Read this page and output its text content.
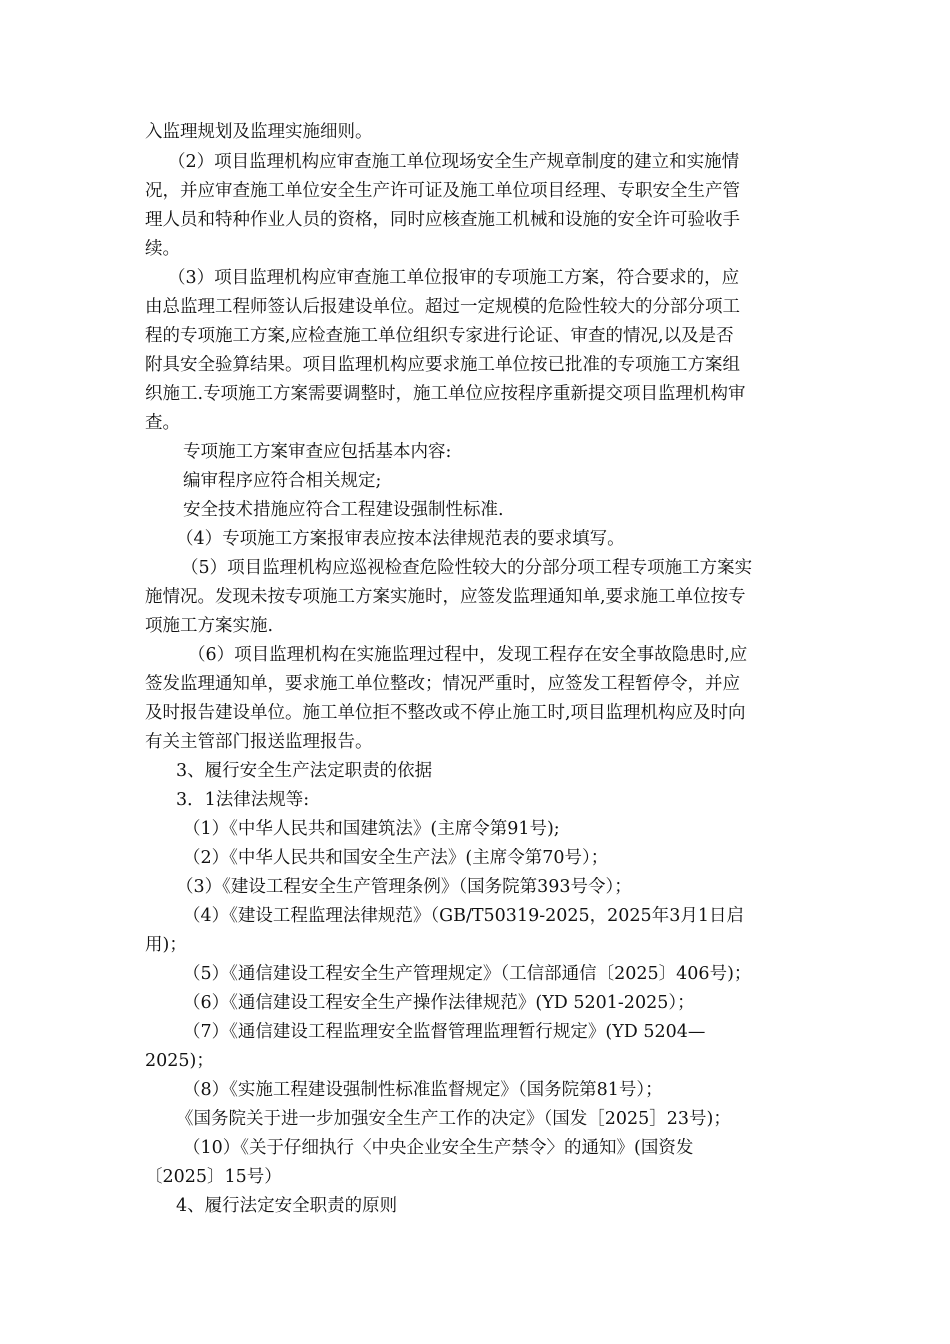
入监理规划及监理实施细则。
（2）项目监理机构应审查施工单位现场安全生产规章制度的建立和实施情
况，并应审查施工单位安全生产许可证及施工单位项目经理、专职安全生产管
理人员和特种作业人员的资格，同时应核查施工机械和设施的安全许可验收手
续。
（3）项目监理机构应审查施工单位报审的专项施工方案，符合要求的，应
由总监理工程师签认后报建设单位。超过一定规模的危险性较大的分部分项工
程的专项施工方案,应检查施工单位组织专家进行论证、审查的情况,以及是否
附具安全验算结果。项目监理机构应要求施工单位按已批准的专项施工方案组
织施工.专项施工方案需要调整时，施工单位应按程序重新提交项目监理机构审
查。
专项施工方案审查应包括基本内容:
编审程序应符合相关规定;
安全技术措施应符合工程建设强制性标准.
（4）专项施工方案报审表应按本法律规范表的要求填写。
（5）项目监理机构应巡视检查危险性较大的分部分项工程专项施工方案实
施情况。发现未按专项施工方案实施时，应签发监理通知单,要求施工单位按专
项施工方案实施.
（6）项目监理机构在实施监理过程中，发现工程存在安全事故隐患时,应
签发监理通知单，要求施工单位整改；情况严重时，应签发工程暂停令，并应
及时报告建设单位。施工单位拒不整改或不停止施工时,项目监理机构应及时向
有关主管部门报送监理报告。
3、履行安全生产法定职责的依据
3．1法律法规等:
（1）《中华人民共和国建筑法》(主席令第91号);
（2）《中华人民共和国安全生产法》(主席令第70号）；
（3）《建设工程安全生产管理条例》（国务院第393号令）；
（4）《建设工程监理法律规范》（GB/T50319-2025，2025年3月1日启
用)；
（5）《通信建设工程安全生产管理规定》（工信部通信〔2025〕406号)；
（6）《通信建设工程安全生产操作法律规范》(YD 5201-2025）；
（7）《通信建设工程监理安全监督管理监理暂行规定》(YD 5204—
2025)；
（8）《实施工程建设强制性标准监督规定》（国务院第81号）；
《国务院关于进一步加强安全生产工作的决定》（国发［2025］23号)；
（10）《关于仔细执行〈中央企业安全生产禁令〉的通知》(国资发
〔2025〕15号）
4、履行法定安全职责的原则
